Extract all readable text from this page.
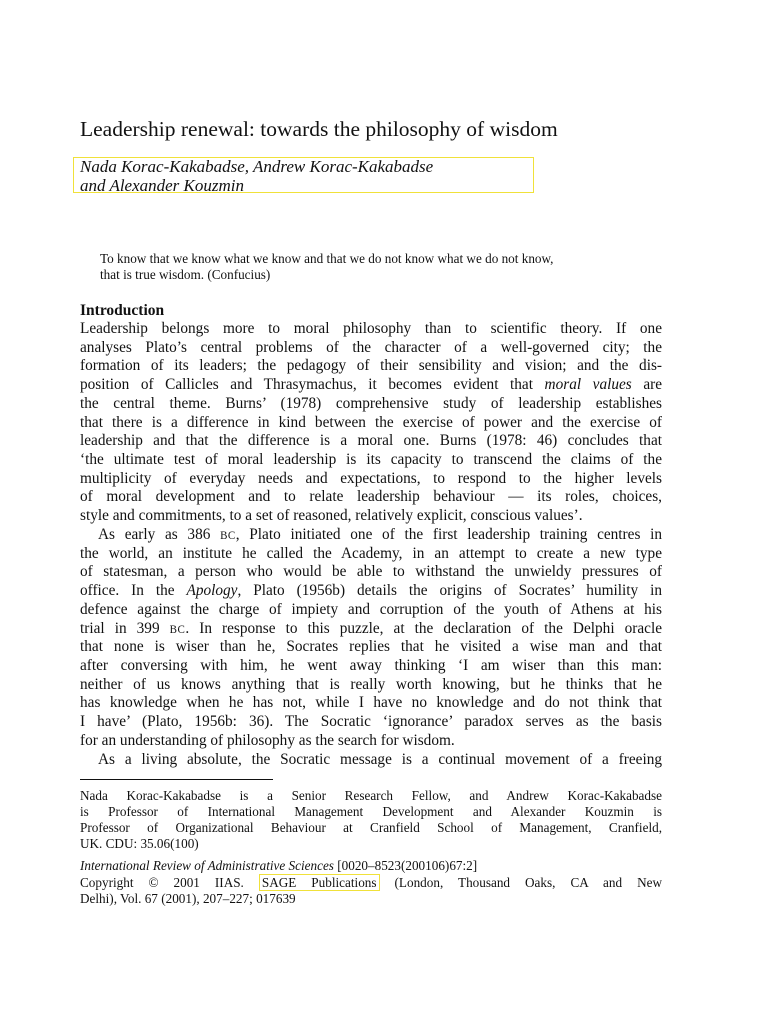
Leadership renewal: towards the philosophy of wisdom
Nada Korac-Kakabadse, Andrew Korac-Kakabadse
and Alexander Kouzmin
To know that we know what we know and that we do not know what we do not know,
that is true wisdom. (Confucius)
Introduction
Leadership belongs more to moral philosophy than to scientific theory. If one
analyses Plato’s central problems of the character of a well-governed city; the
formation of its leaders; the pedagogy of their sensibility and vision; and the dis-
position of Callicles and Thrasymachus, it becomes evident that moral values are
the central theme. Burns’ (1978) comprehensive study of leadership establishes
that there is a difference in kind between the exercise of power and the exercise of
leadership and that the difference is a moral one. Burns (1978: 46) concludes that
‘the ultimate test of moral leadership is its capacity to transcend the claims of the
multiplicity of everyday needs and expectations, to respond to the higher levels
of moral development and to relate leadership behaviour — its roles, choices,
style and commitments, to a set of reasoned, relatively explicit, conscious values’.
As early as 386 BC, Plato initiated one of the first leadership training centres in
the world, an institute he called the Academy, in an attempt to create a new type
of statesman, a person who would be able to withstand the unwieldy pressures of
office. In the Apology, Plato (1956b) details the origins of Socrates’ humility in
defence against the charge of impiety and corruption of the youth of Athens at his
trial in 399 BC. In response to this puzzle, at the declaration of the Delphi oracle
that none is wiser than he, Socrates replies that he visited a wise man and that
after conversing with him, he went away thinking ‘I am wiser than this man:
neither of us knows anything that is really worth knowing, but he thinks that he
has knowledge when he has not, while I have no knowledge and do not think that
I have’ (Plato, 1956b: 36). The Socratic ‘ignorance’ paradox serves as the basis
for an understanding of philosophy as the search for wisdom.
As a living absolute, the Socratic message is a continual movement of a freeing
Nada Korac-Kakabadse is a Senior Research Fellow, and Andrew Korac-Kakabadse
is Professor of International Management Development and Alexander Kouzmin is
Professor of Organizational Behaviour at Cranfield School of Management, Cranfield,
UK. CDU: 35.06(100)
International Review of Administrative Sciences [0020–8523(200106)67:2]
Copyright © 2001 IIAS. SAGE Publications (London, Thousand Oaks, CA and New
Delhi), Vol. 67 (2001), 207–227; 017639
